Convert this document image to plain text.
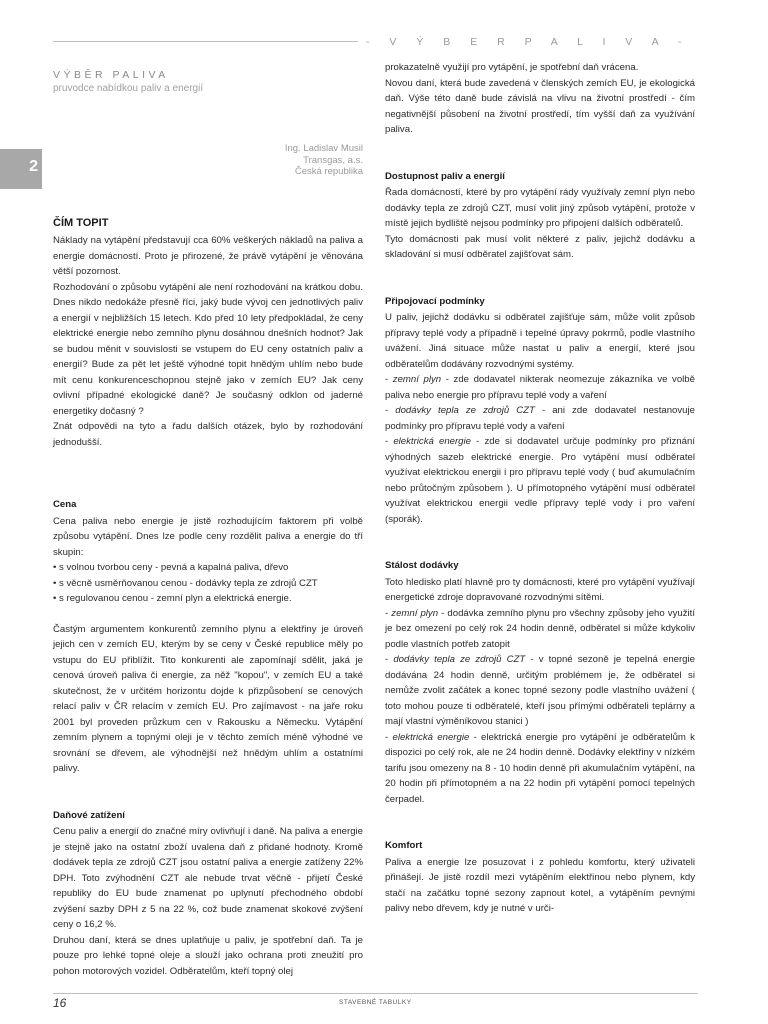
- V Ý B E R P A L I V A -
2
VÝBĚR PALIVA
pruvodce nabídkou paliv a energií
Ing. Ladislav Musil
Transgas, a.s.
Česká republika
ČÍM TOPIT

Náklady na vytápění představují cca 60% veškerých nákladů na paliva a energie domácností. Proto je přirozené, že právě vytápění je věnována větší pozornost.

Rozhodování o způsobu vytápění ale není rozhodování na krátkou dobu. Dnes nikdo nedokáže přesně říci, jaký bude vývoj cen jednotlivých paliv a energií v nejbližších 15 letech. Kdo před 10 lety předpokládal, že ceny elektrické energie nebo zemního plynu dosáhnou dnešních hodnot? Jak se budou měnit v souvislosti se vstupem do EU ceny ostatních paliv a energií? Bude za pět let ještě výhodné topit hnědým uhlím nebo bude mít cenu konkurenceschopnou stejně jako v zemích EU? Jak ceny ovlivní případné ekologické daně? Je současný odklon od jaderné energetiky dočasný ?

Znát odpovědi na tyto a řadu dalších otázek, bylo by rozhodování jednodušší.

Cena

Cena paliva nebo energie je jistě rozhodujícím faktorem při volbě způsobu vytápění. Dnes lze podle ceny rozdělit paliva a energie do tří skupin:

• s volnou tvorbou ceny - pevná a kapalná paliva, dřevo

• s věcně usměrňovanou cenou - dodávky tepla ze zdrojů CZT

• s regulovanou cenou - zemní plyn a elektrická energie.

Častým argumentem konkurentů zemního plynu a elektřiny je úroveň jejich cen v zemích EU, kterým by se ceny v České republice měly po vstupu do EU přiblížit. Tito konkurenti ale zapomínají sdělit, jaká je cenová úroveň paliva či energie, za něž "kopou", v zemích EU a také skutečnost, že v určitém horizontu dojde k přizpůsobení se cenových relací paliv v ČR relacím v zemích EU. Pro zajímavost - na jaře roku 2001 byl proveden průzkum cen v Rakousku a Německu. Vytápění zemním plynem a topnými oleji je v těchto zemích méně výhodné ve srovnání se dřevem, ale výhodnější než hnědým uhlím a ostatními palivy.

Daňové zatížení

Cenu paliv a energií do značné míry ovlivňují i daně. Na paliva a energie je stejně jako na ostatní zboží uvalena daň z přidané hodnoty. Kromě dodávek tepla ze zdrojů CZT jsou ostatní paliva a energie zatíženy 22% DPH. Toto zvýhodnění CZT ale nebude trvat věčně - přijetí České republiky do EU bude znamenat po uplynutí přechodného období zvýšení sazby DPH z 5 na 22 %, což bude znamenat skokové zvýšení ceny o 16,2 %.

Druhou daní, která se dnes uplatňuje u paliv, je spotřební daň. Ta je pouze pro lehké topné oleje a slouží jako ochrana proti zneužití pro pohon motorových vozidel. Odběratelům, kteří topný olej

prokazatelně využijí pro vytápění, je spotřební daň vrácena.

Novou daní, která bude zavedená v členských zemích EU, je ekologická daň. Výše této daně bude závislá na vlivu na životní prostředí - čím negativnější působení na životní prostředí, tím vyšší daň za využívání paliva.

Dostupnost paliv a energií

Řada domácností, které by pro vytápění rády využívaly zemní plyn nebo dodávky tepla ze zdrojů CZT, musí volit jiný způsob vytápění, protože v místě jejich bydliště nejsou podmínky pro připojení dalších odběratelů.

Tyto domácnosti pak musí volit některé z paliv, jejichž dodávku a skladování si musí odběratel zajišťovat sám.

Připojovací podmínky

U paliv, jejichž dodávku si odběratel zajišťuje sám, může volit způsob přípravy teplé vody a případně i tepelné úpravy pokrmů, podle vlastního uvážení. Jiná situace může nastat u paliv a energií, které jsou odběratelům dodávány rozvodnými systémy.

- zemní plyn - zde dodavatel nikterak neomezuje zákazníka ve volbě paliva nebo energie pro přípravu teplé vody a vaření

- dodávky tepla ze zdrojů CZT - ani zde dodavatel nestanovuje podmínky pro přípravu teplé vody a vaření

- elektrická energie - zde si dodavatel určuje podmínky pro přiznání výhodných sazeb elektrické energie. Pro vytápění musí odběratel využívat elektrickou energii i pro přípravu teplé vody ( buď akumulačním nebo průtočným způsobem ). U přímotopného vytápění musí odběratel využívat elektrickou energii vedle přípravy teplé vody i pro vaření (sporák).

Stálost dodávky

Toto hledisko platí hlavně pro ty domácnosti, které pro vytápění využívají energetické zdroje dopravované rozvodnými sítěmi.

- zemní plyn - dodávka zemního plynu pro všechny způsoby jeho využití je bez omezení po celý rok 24 hodin denně, odběratel si může kdykoliv podle vlastních potřeb zatopit

- dodávky tepla ze zdrojů CZT - v topné sezoně je tepelná energie dodávána 24 hodin denně, určitým problémem je, že odběratel si nemůže zvolit začátek a konec topné sezony podle vlastního uvážení ( toto mohou pouze ti odběratelé, kteří jsou přímými odběrateli teplárny a mají vlastní výměníkovou stanici )

- elektrická energie - elektrická energie pro vytápění je odběratelům k dispozici po celý rok, ale ne 24 hodin denně. Dodávky elektřiny v nízkém tarifu jsou omezeny na 8 - 10 hodin denně při akumulačním vytápění, na 20 hodin při přímotopném a na 22 hodin při vytápění pomocí tepelných čerpadel.

Komfort

Paliva a energie lze posuzovat i z pohledu komfortu, který uživateli přinášejí. Je jistě rozdíl mezi vytápěním elektřinou nebo plynem, kdy stačí na začátku topné sezony zapnout kotel, a vytápěním pevnými palivy nebo dřevem, kdy je nutné v urči-

16	STAVEBNÉ TABULKY
